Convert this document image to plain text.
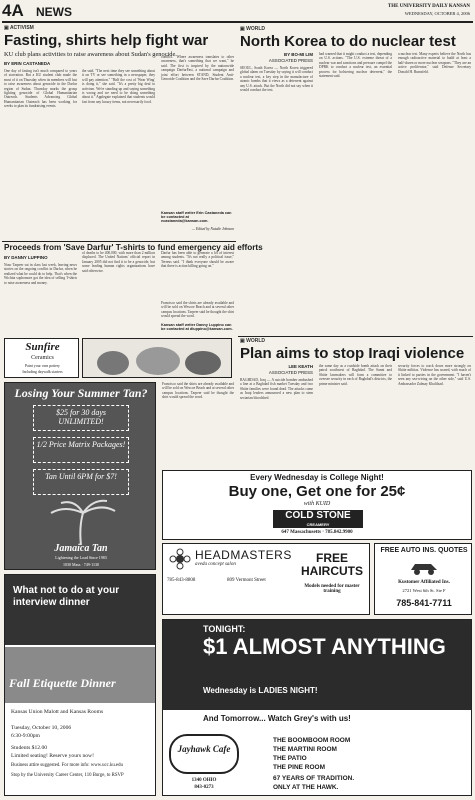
4A	NEWS	THE UNIVERSITY DAILY KANSAN
WEDNESDAY, OCTOBER 4, 2006
▣ ACTIVISM
Fasting, shirts help fight war
KU club plans activities to raise awareness about Sudan's genocide
BY ERIN CASTANEDA
One day of fasting isn't much compared to years of starvation. But a KU student club made the most of it on Thursday when its members will fast to raise awareness about genocide in the Darfur region of Sudan. Thursday marks the group fighting genocide of Global Humanitarian Outreach. Students Advancing Global Humanitarian Outreach has been working for weeks to plan its fundraising events.
the said. "The next time they see something about it on TV or see something in a newspaper, they will pay attention." "Half the cost of 'Wear Wing' is doing it," she said. "It's a pretty big deal to activism. We're standing up and saying something is wrong and we need to be doing something about it." Applegate explained that students would fast from any luxury items, not necessarily food.
conflict. "Where awareness translates to other awareness, that's something that we want," he said. The first is inspired by the nationwide campaign DarfurFast, a national campaign and joint effort between STAND, Student Anti-Genocide Coalition and the Save Darfur Coalition.
Kansan staff writer Erin Castaneda can be contacted at ecastaneda@kansan.com.
— Edited by Natalie Johnson
Proceeds from 'Save Darfur' T-shirts to fund emergency aid efforts
BY DANNY LUPPINO
Nour Tarpeer sat in class last week, leaving news stories on the ongoing conflict in Darfur, when he realized what he could do to help. That's when the Wichita sophomore got the idea of selling T-shirts to raise awareness and money.
of deaths to be 400,000, with more than 2 million displaced. The United Nations' official report in January 2005 did not find it to be a genocide, but some leading human rights organizations have said otherwise.
Darfur has been able to generate a lot of interest among students. "It's not really a political issue," Terreus said. "I think everyone should be aware that there is action killing going on."
Francisco said the shirts are already available and will be sold on Wescoe Beach and at several other campus locations. Tarpeer said he thought the shirt would spread the word.
Kansan staff writer Danny Luppino can be contacted at dluppino@kansan.com.
Sunfire
Ceramics
Paint your own pottery
Including daywalk starters
Losing Your Summer Tan?
$25 for 30 days UNLIMITED!
1/2 Price Matrix Packages!
Tan Until 6PM for $7!
Jamaica Tan
Lightening the Load Since 1983
1030 Mass · 749-1130
Francisco said the shirts are already available and will be sold on Wescoe Beach and at several other campus locations. Tarpeer said he thought the shirt would spread the word.
▣ WORLD
North Korea to do nuclear test
BY BO-MI LIM
ASSOCIATED PRESS
SEOUL, South Korea — North Korea triggered global alarm on Tuesday by saying it will conduct a nuclear test, a key step in the manufacture of atomic bombs that it views as a deterrent against any U.S. attack. But the North did not say when it would conduct the test.
had warned that it might conduct a test, depending on U.S. actions. "The U.S. extreme threat of a nuclear war and sanctions and pressure compel the DPRK to conduct a nuclear test, an essential process for bolstering nuclear deterrent," the statement said.
a nuclear test. Many experts believe the North has enough radioactive material to build at least a half-dozen or more nuclear weapons. "They are an active proliferator," said Defense Secretary Donald H. Rumsfeld.
▣ WORLD
Plan aims to stop Iraqi violence
LEE KEATH
ASSOCIATED PRESS
BAGHDAD, Iraq — A suicide bomber ambushed a line at a Baghdad fish market Tuesday and two Shiite families were found dead. The attacks came as Iraqi leaders announced a new plan to stem sectarian bloodshed.
the same day as a roadside bomb attack on their patrol southwest of Baghdad. The Sunni and Shiite lawmakers will form a committee to oversee security in each of Baghdad's districts, the prime minister said.
security forces to crack down more strongly on Shiite militias. Violence has soared, with much of it linked to parties in the government. "I haven't seen any sea-wiring on the other side," said U.S. Ambassador Zalmay Khalilzad.
Every Wednesday is College Night!
Buy one, Get one for 25¢
with KUID
COLD STONE
CREAMERY
647 Massachusetts · 785.842.9900
HEADMASTERS
aveda concept salon
785-843-8808	809 Vermont Street
FREE HAIRCUTS
Models needed for master training
FREE AUTO INS. QUOTES
Kustomer Affiliated Ins.
2721 West 6th St. Ste F
785-841-7711
What not to do at your interview dinner
Fall Etiquette Dinner
Kansas Union Malott and Kansas Rooms
Tuesday, October 10, 2006
6:30-9:00pm
Students $12.00
Limited seating! Reserve yours now!
Business attire suggested. For more info: www.ucc.ku.edu
Stop by the University Career Center, 110 Burge, to RSVP
TONIGHT:
$1 ALMOST ANYTHING
Wednesday is LADIES NIGHT!
And Tomorrow... Watch Grey's with us!
Jayhawk Cafe
1340 OHIO
843-0273
THE BOOMBOOM ROOM
THE MARTINI ROOM
THE PATIO
THE PINE ROOM
67 YEARS OF TRADITION.
ONLY AT THE HAWK.
